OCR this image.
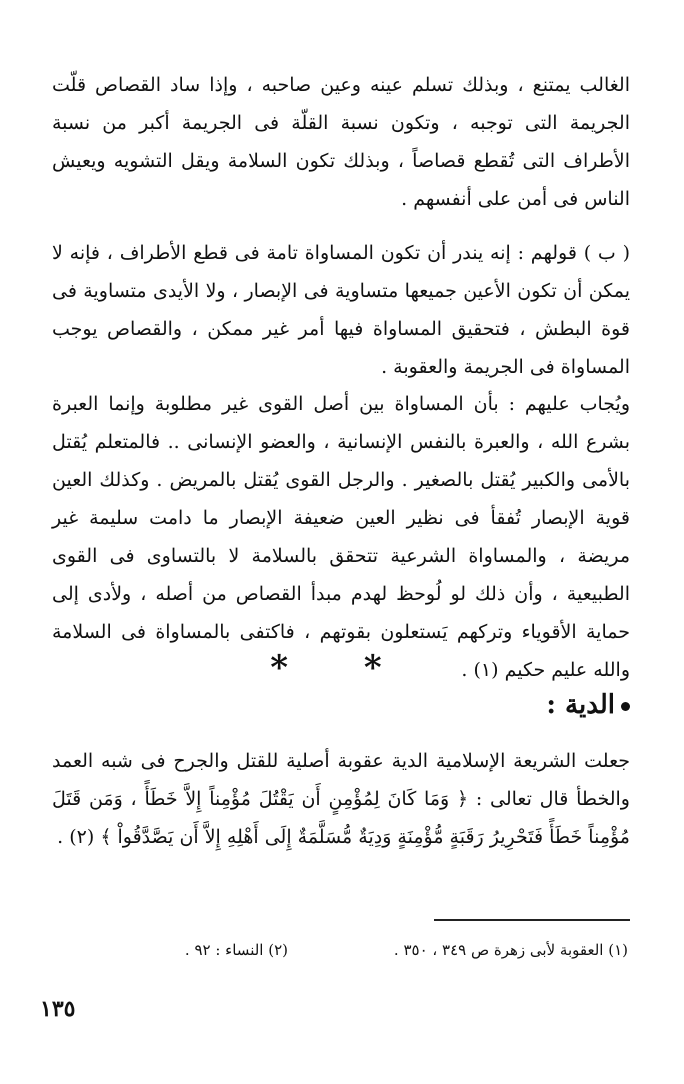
الغالب يمتنع ، وبذلك تسلم عينه وعين صاحبه ، وإذا ساد القصاص قلّت الجريمة التى توجبه ، وتكون نسبة القلّة فى الجريمة أكبر من نسبة الأطراف التى تُقطع قصاصاً ، وبذلك تكون السلامة ويقل التشويه ويعيش الناس فى أمن على أنفسهم .

( ب ) قولهم : إنه يندر أن تكون المساواة تامة فى قطع الأطراف ، فإنه لا يمكن أن تكون الأعين جميعها متساوية فى الإبصار ، ولا الأيدى متساوية فى قوة البطش ، فتحقيق المساواة فيها أمر غير ممكن ، والقصاص يوجب المساواة فى الجريمة والعقوبة .

ويُجاب عليهم : بأن المساواة بين أصل القوى غير مطلوبة وإنما العبرة بشرع الله ، والعبرة بالنفس الإنسانية ، والعضو الإنسانى .. فالمتعلم يُقتل بالأمى والكبير يُقتل بالصغير . والرجل القوى يُقتل بالمريض . وكذلك العين قوية الإبصار تُفقأ فى نظير العين ضعيفة الإبصار ما دامت سليمة غير مريضة ، والمساواة الشرعية تتحقق بالسلامة لا بالتساوى فى القوى الطبيعية ، وأن ذلك لو لُوحظ لهدم مبدأ القصاص من أصله ، ولأدى إلى حماية الأقوياء وتركهم يَستعلون بقوتهم ، فاكتفى بالمساواة فى السلامة والله عليم حكيم (١) .

* *
الدية :

جعلت الشريعة الإسلامية الدية عقوبة أصلية للقتل والجرح فى شبه العمد والخطأ قال تعالى : ﴿ وَمَا كَانَ لِمُؤْمِنٍ أَن يَقْتُلَ مُؤْمِناً إِلاَّ خَطَأً ، وَمَن قَتَلَ مُؤْمِناً خَطَأً فَتَحْرِيرُ رَقَبَةٍ مُّؤْمِنَةٍ وَدِيَةٌ مُّسَلَّمَةٌ إِلَى أَهْلِهِ إِلاَّ أَن يَصَّدَّقُواْ ﴾ (٢) .

(١) العقوبة لأبى زهرة ص ٣٤٩ ، ٣٥٠ .
(٢) النساء : ٩٢ .
١٣٥
